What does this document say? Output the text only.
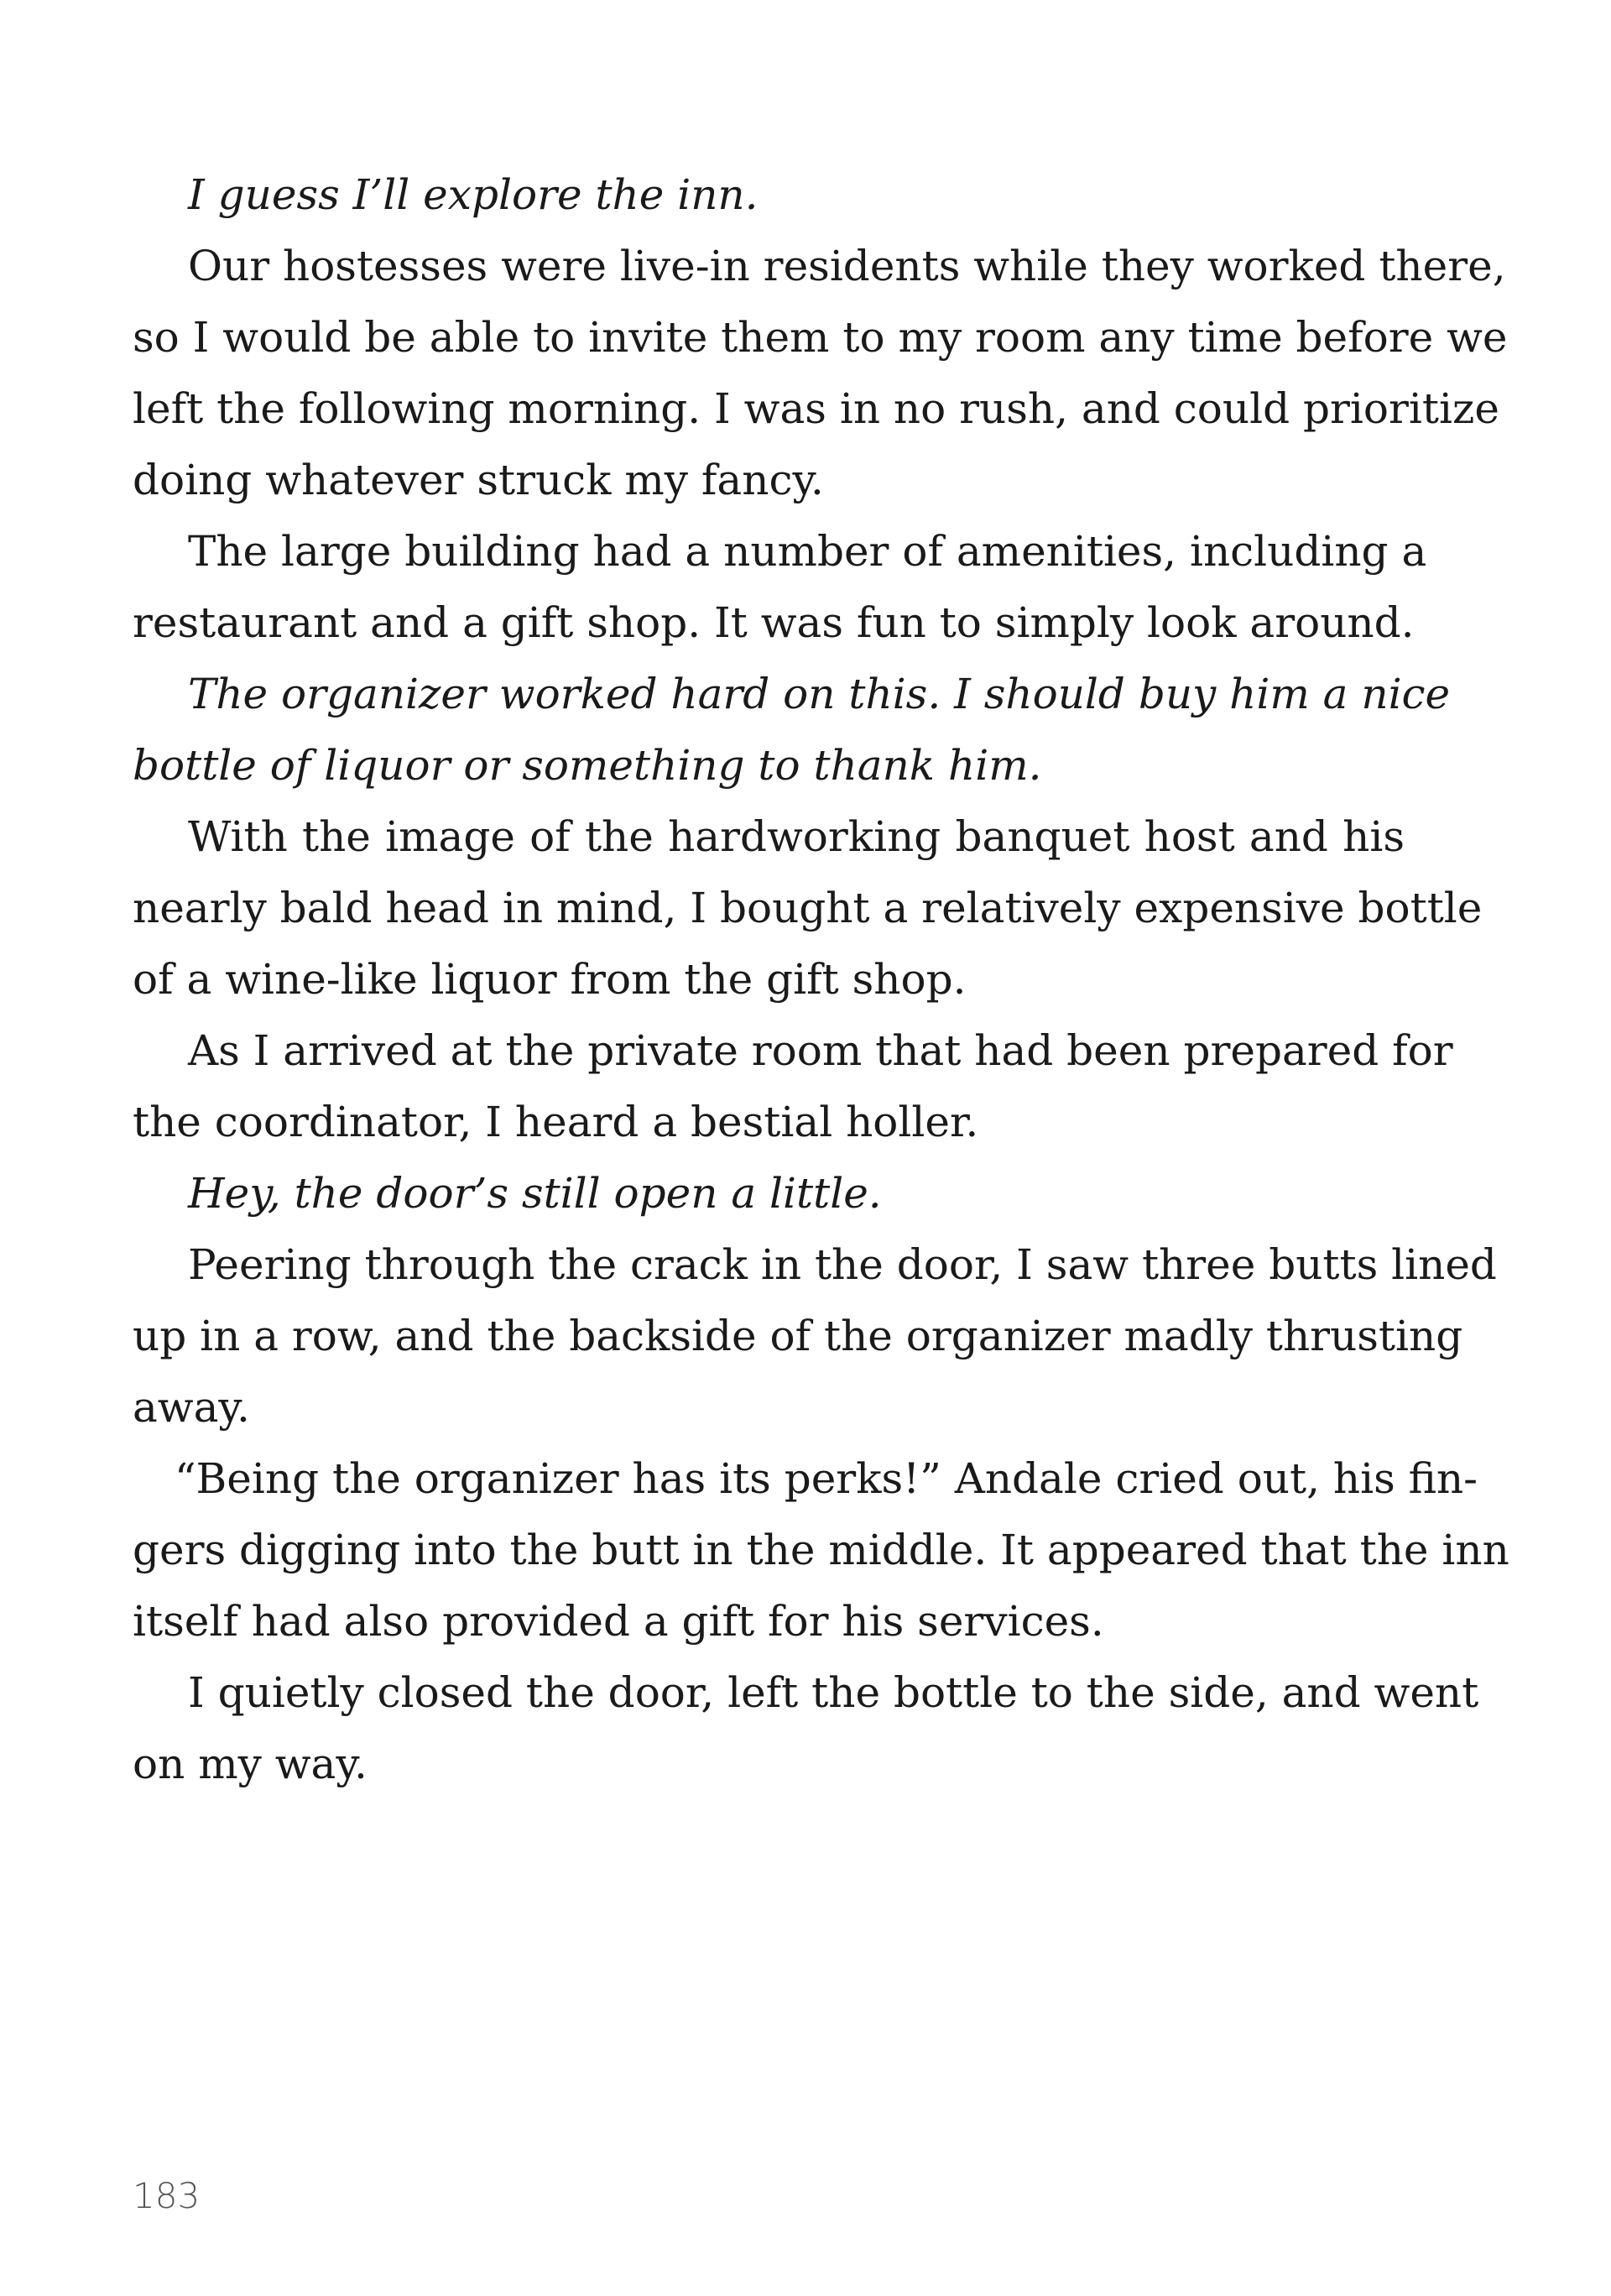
I guess I’ll explore the inn.
Our hostesses were live-in residents while they worked there,
so I would be able to invite them to my room any time before we
left the following morning. I was in no rush, and could prioritize
doing whatever struck my fancy.
The large building had a number of amenities, including a
restaurant and a gift shop. It was fun to simply look around.
The organizer worked hard on this. I should buy him a nice
bottle of liquor or something to thank him.
With the image of the hardworking banquet host and his
nearly bald head in mind, I bought a relatively expensive bottle
of a wine-like liquor from the gift shop.
As I arrived at the private room that had been prepared for
the coordinator, I heard a bestial holler.
Hey, the door’s still open a little.
Peering through the crack in the door, I saw three butts lined
up in a row, and the backside of the organizer madly thrusting
away.
“Being the organizer has its perks!” Andale cried out, his fin-
gers digging into the butt in the middle. It appeared that the inn
itself had also provided a gift for his services.
I quietly closed the door, left the bottle to the side, and went
on my way.
183
